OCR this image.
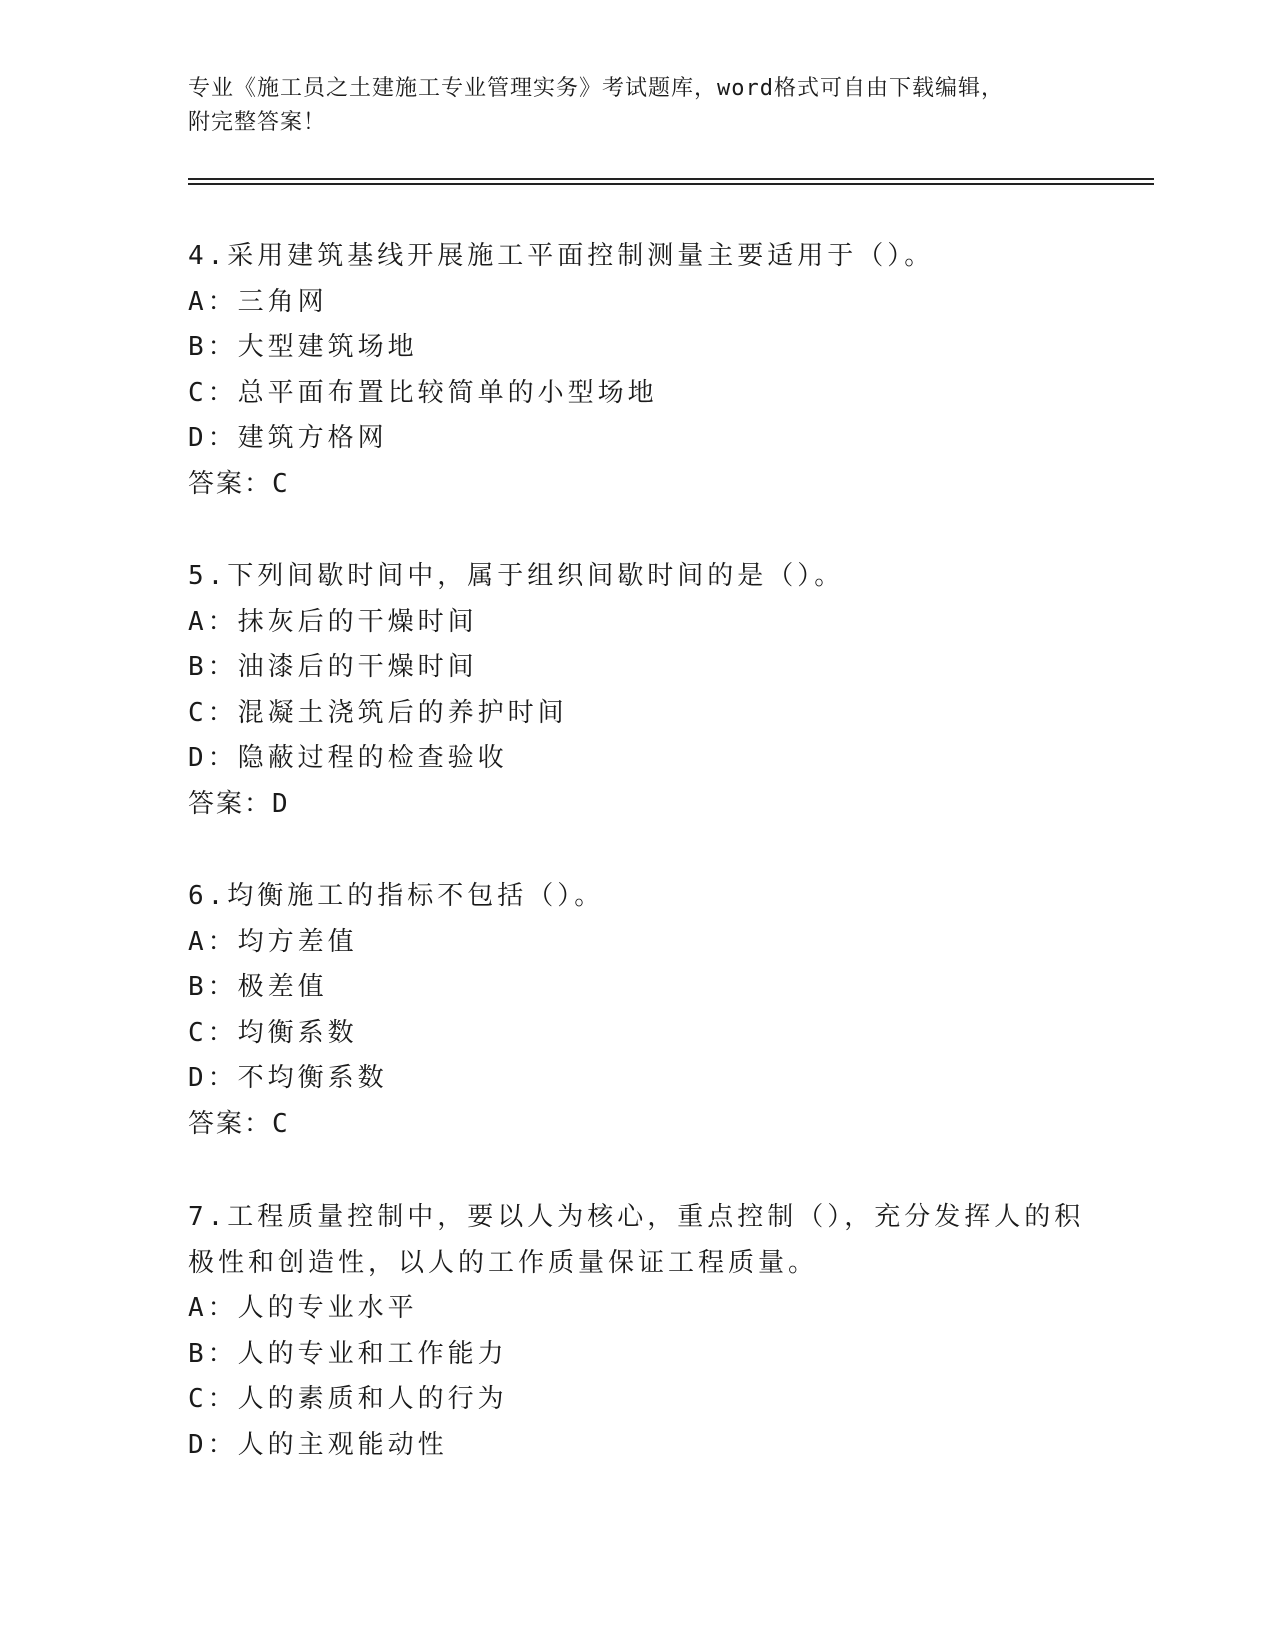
专业《施工员之土建施工专业管理实务》考试题库，word格式可自由下载编辑，
附完整答案！
4.采用建筑基线开展施工平面控制测量主要适用于（）。
A：三角网
B：大型建筑场地
C：总平面布置比较简单的小型场地
D：建筑方格网
答案：C
5.下列间歇时间中，属于组织间歇时间的是（）。
A：抹灰后的干燥时间
B：油漆后的干燥时间
C：混凝土浇筑后的养护时间
D：隐蔽过程的检查验收
答案：D
6.均衡施工的指标不包括（）。
A：均方差值
B：极差值
C：均衡系数
D：不均衡系数
答案：C
7.工程质量控制中，要以人为核心，重点控制（），充分发挥人的积
极性和创造性，以人的工作质量保证工程质量。
A：人的专业水平
B：人的专业和工作能力
C：人的素质和人的行为
D：人的主观能动性
